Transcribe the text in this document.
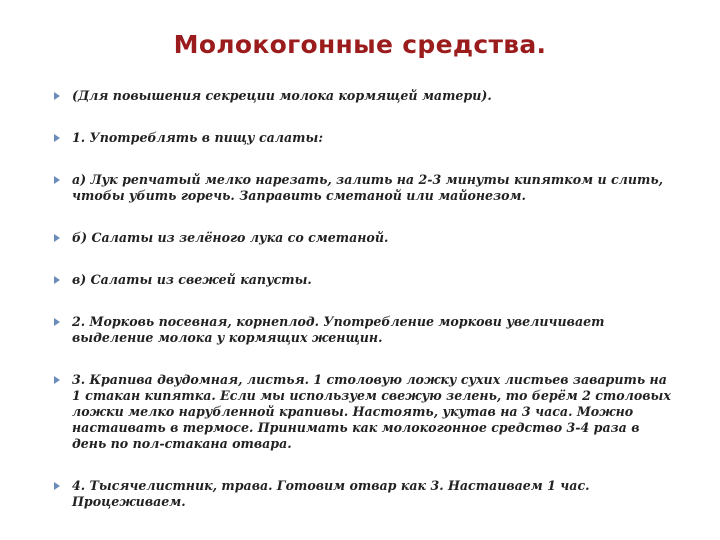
Молокогонные средства.
(Для повышения секреции молока кормящей матери).
1. Употреблять в пищу салаты:
а) Лук репчатый мелко нарезать, залить на 2-3 минуты кипятком и слить, чтобы убить горечь. Заправить сметаной или майонезом.
б) Салаты из зелёного лука со сметаной.
в) Салаты из свежей капусты.
2. Морковь посевная, корнеплод. Употребление моркови увеличивает выделение молока у кормящих женщин.
3. Крапива двудомная, листья. 1 столовую ложку сухих листьев заварить на 1 стакан кипятка. Если мы используем свежую зелень, то берём 2 столовых ложки мелко нарубленной крапивы. Настоять, укутав на 3 часа. Можно настаивать в термосе. Принимать как молокогонное средство 3-4 раза в день по пол-стакана отвара.
4. Тысячелистник, трава. Готовим отвар как 3. Настаиваем 1 час. Процеживаем.
